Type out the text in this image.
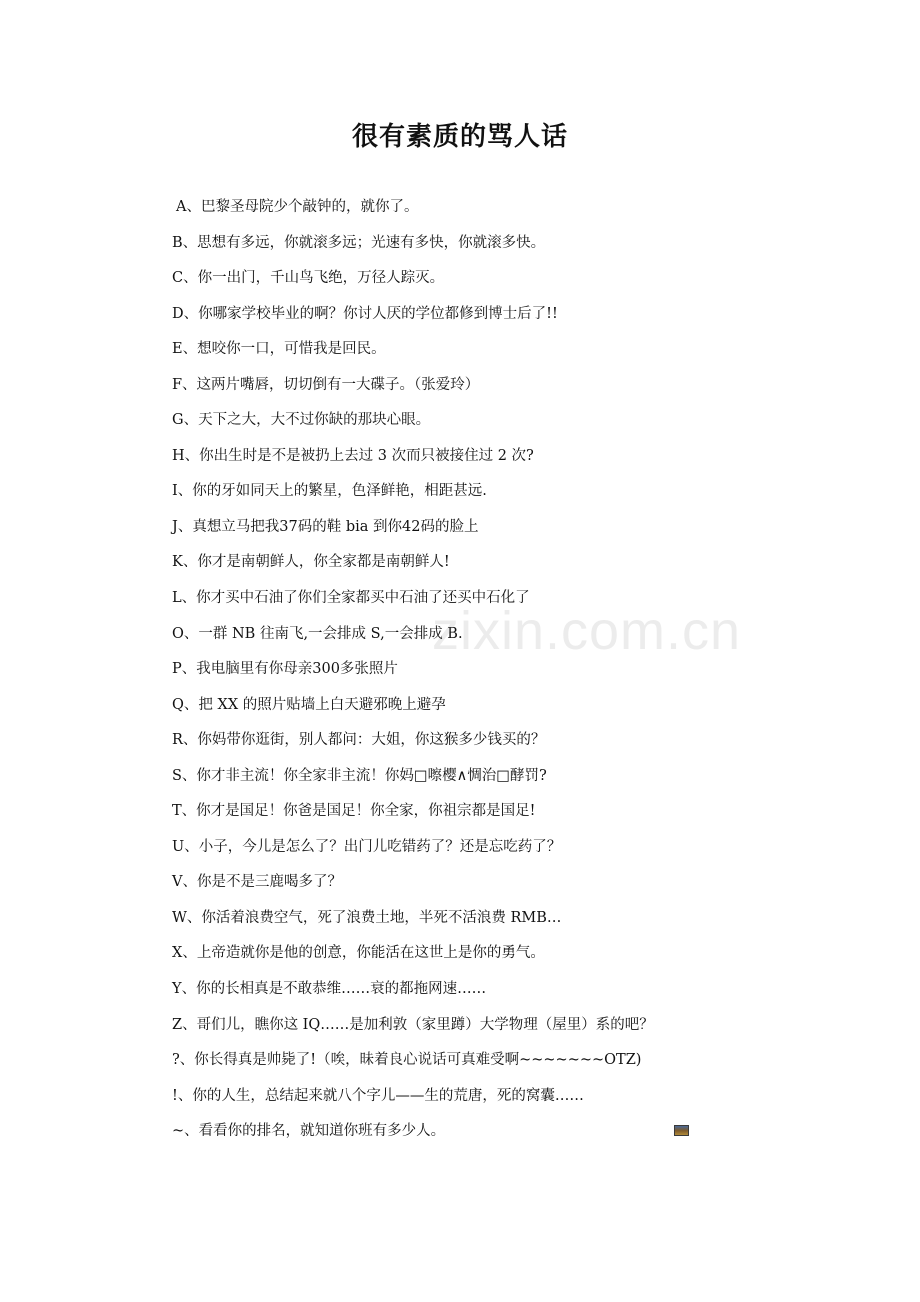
很有素质的骂人话
A、巴黎圣母院少个敲钟的，就你了。
B、思想有多远，你就滚多远；光速有多快，你就滚多快。
C、你一出门，千山鸟飞绝，万径人踪灭。
D、你哪家学校毕业的啊？你讨人厌的学位都修到博士后了!!
E、想咬你一口，可惜我是回民。
F、这两片嘴唇，切切倒有一大碟子。（张爱玲）
G、天下之大，大不过你缺的那块心眼。
H、你出生时是不是被扔上去过 3 次而只被接住过 2 次?
I、你的牙如同天上的繁星，色泽鲜艳，相距甚远.
J、真想立马把我37码的鞋 bia 到你42码的脸上
K、你才是南朝鲜人，你全家都是南朝鲜人!
L、你才买中石油了你们全家都买中石油了还买中石化了
O、一群 NB 往南飞,一会排成 S,一会排成 B.
P、我电脑里有你母亲300多张照片
Q、把 XX 的照片贴墙上白天避邪晚上避孕
R、你妈带你逛街，别人都问：大姐，你这猴多少钱买的？
S、你才非主流！你全家非主流！你妈□嚓樱∧惆治□酵罚?
T、你才是国足！你爸是国足！你全家，你祖宗都是国足!
U、小子，今儿是怎么了？出门儿吃错药了？还是忘吃药了？
V、你是不是三鹿喝多了？
W、你活着浪费空气，死了浪费土地，半死不活浪费 RMB…
X、上帝造就你是他的创意，你能活在这世上是你的勇气。
Y、你的长相真是不敢恭维……衰的都拖网速……
Z、哥们儿，瞧你这 IQ……是加利敦（家里蹲）大学物理（屋里）系的吧？
?、你长得真是帅毙了!（唉，昧着良心说话可真难受啊~~~~~~~OTZ)
!、你的人生，总结起来就八个字儿——生的荒唐，死的窝囊……
~、看看你的排名，就知道你班有多少人。
zixin.com.cn
